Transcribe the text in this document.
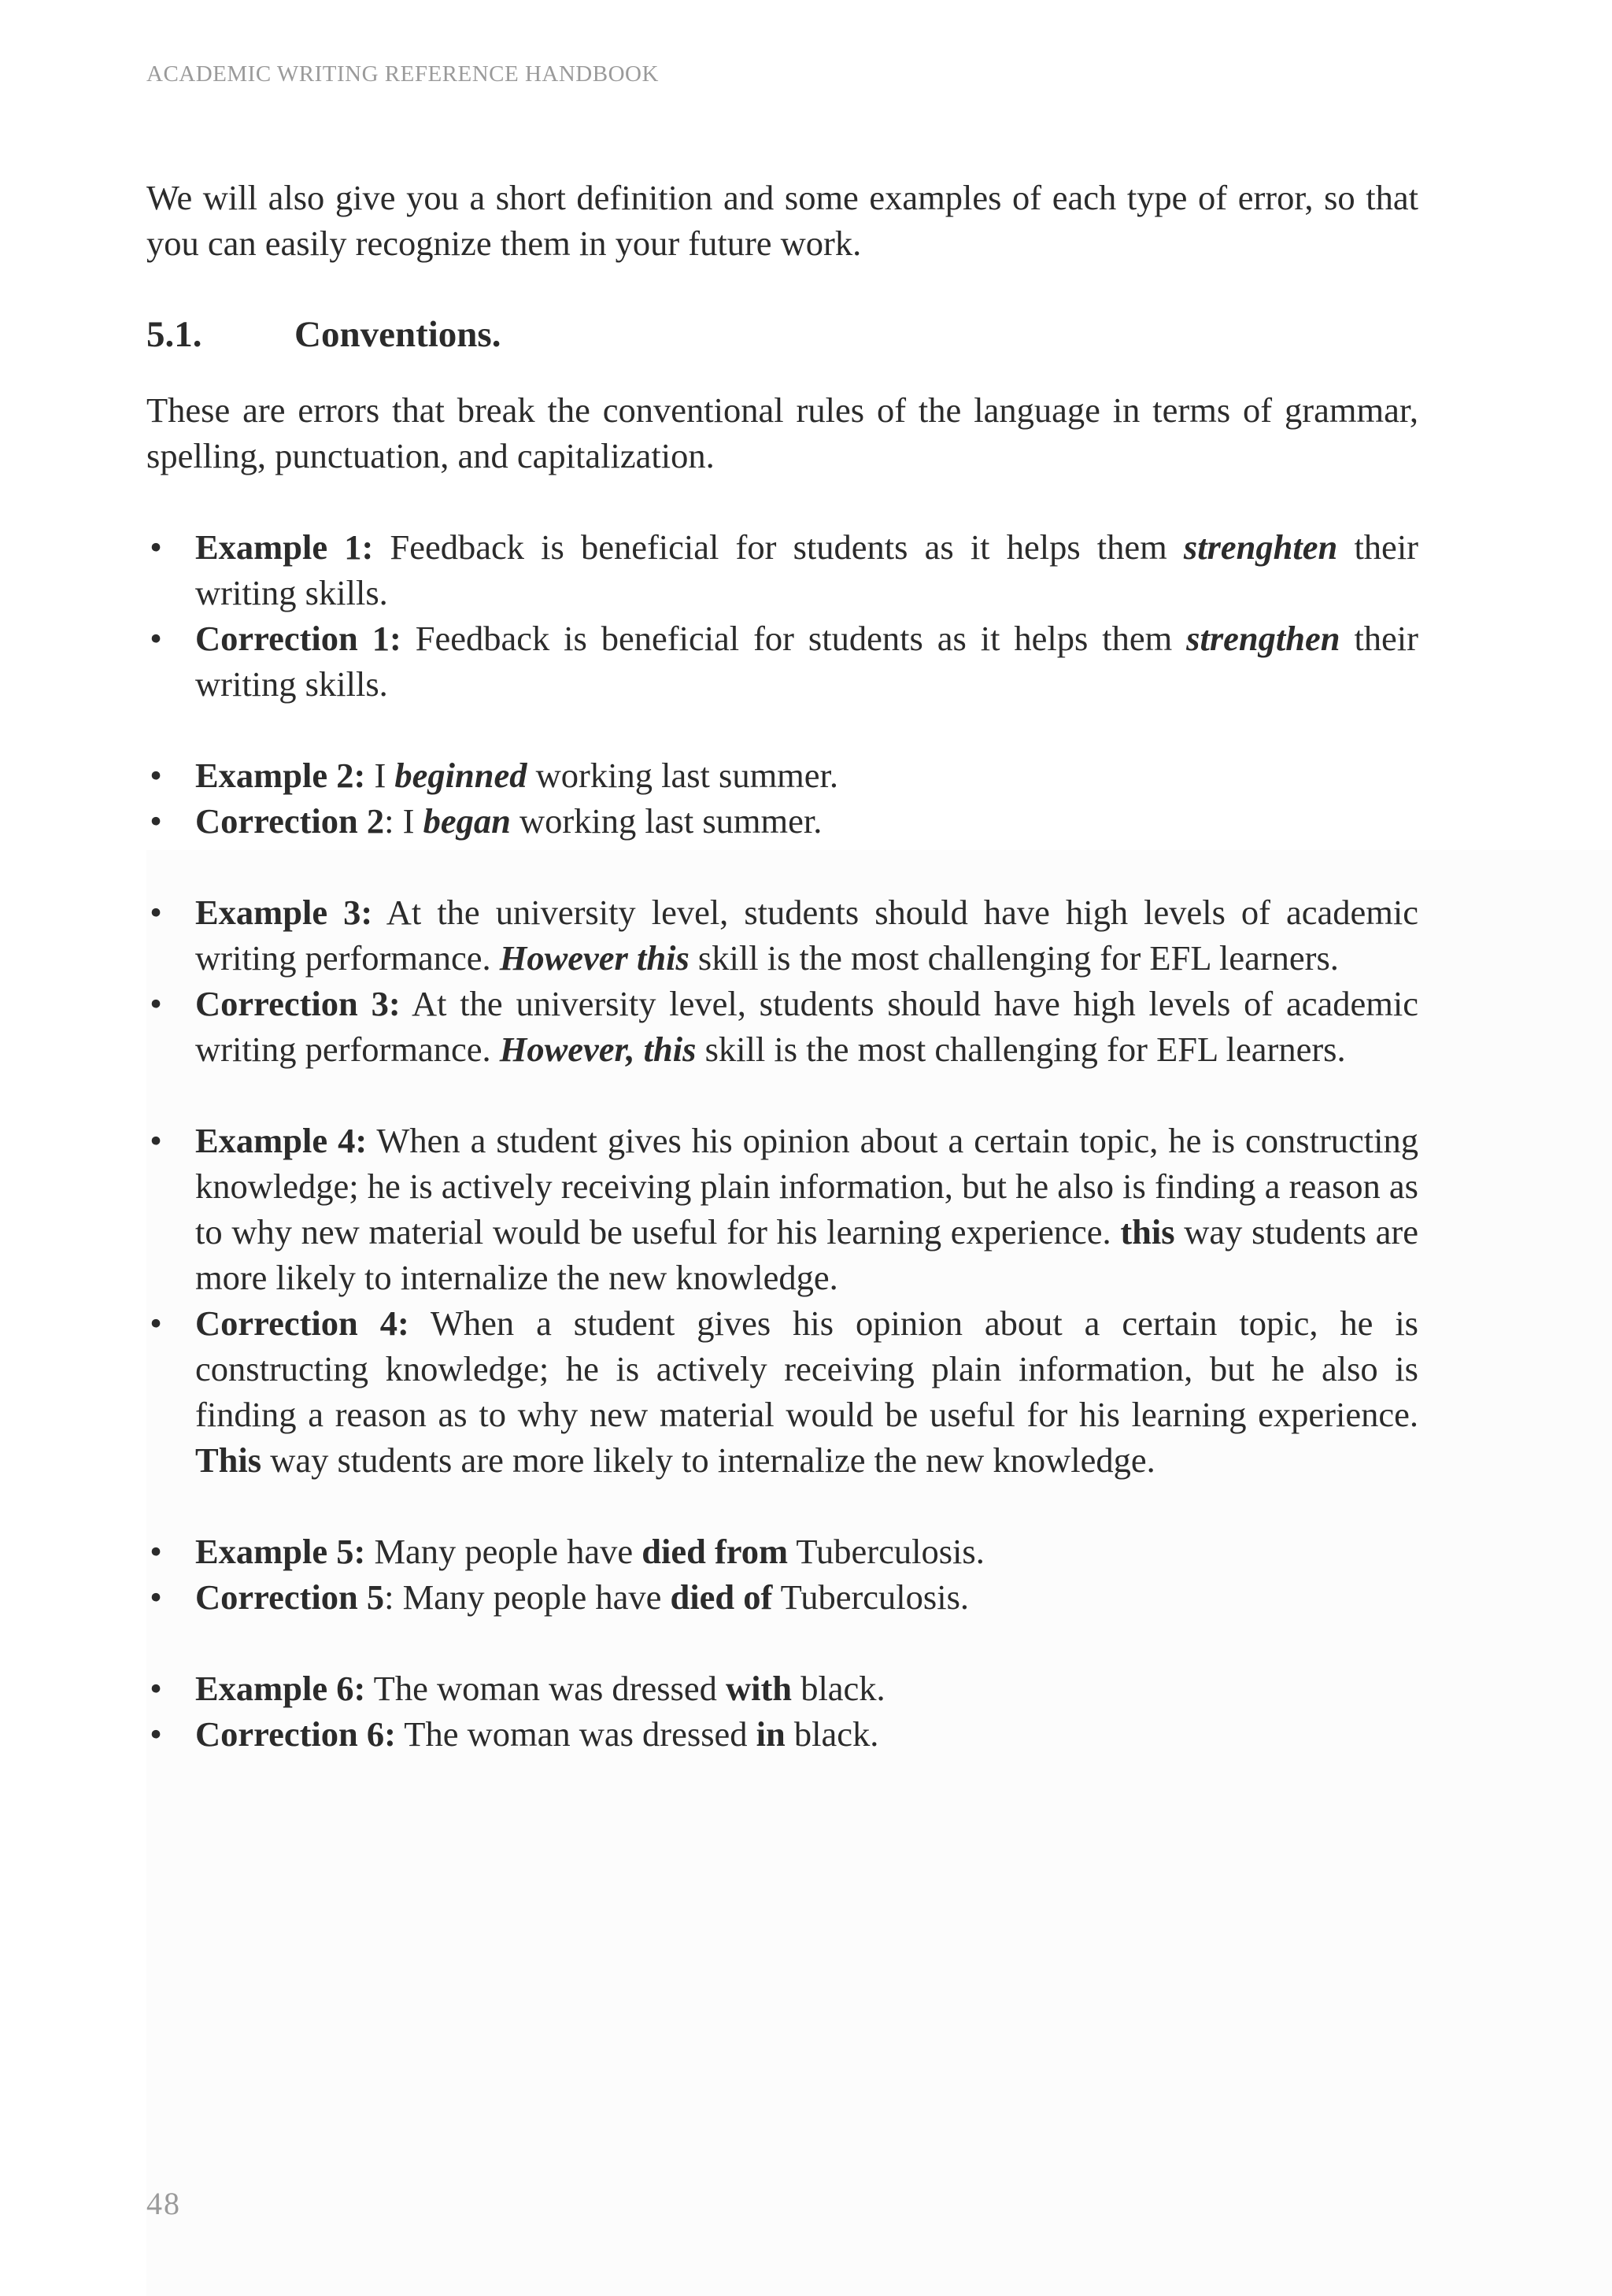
ACADEMIC WRITING REFERENCE HANDBOOK

We will also give you a short definition and some examples of each type of error, so that you can easily recognize them in your future work.

5.1.	Conventions.

These are errors that break the conventional rules of the language in terms of grammar, spelling, punctuation, and capitalization.

• Example 1: Feedback is beneficial for students as it helps them strenghten their writing skills.
• Correction 1: Feedback is beneficial for students as it helps them strengthen their writing skills.
• Example 2: I beginned working last summer.
• Correction 2: I began working last summer.
• Example 3: At the university level, students should have high levels of academic writing performance. However this skill is the most challenging for EFL learners.
• Correction 3: At the university level, students should have high levels of academic writing performance. However, this skill is the most challenging for EFL learners.
• Example 4: When a student gives his opinion about a certain topic, he is constructing knowledge; he is actively receiving plain information, but he also is finding a reason as to why new material would be useful for his learning experience. this way students are more likely to internalize the new knowledge.
• Correction 4: When a student gives his opinion about a certain topic, he is constructing knowledge; he is actively receiving plain information, but he also is finding a reason as to why new material would be useful for his learning experience. This way students are more likely to internalize the new knowledge.
• Example 5: Many people have died from Tuberculosis.
• Correction 5: Many people have died of Tuberculosis.
• Example 6: The woman was dressed with black.
• Correction 6: The woman was dressed in black.
48
